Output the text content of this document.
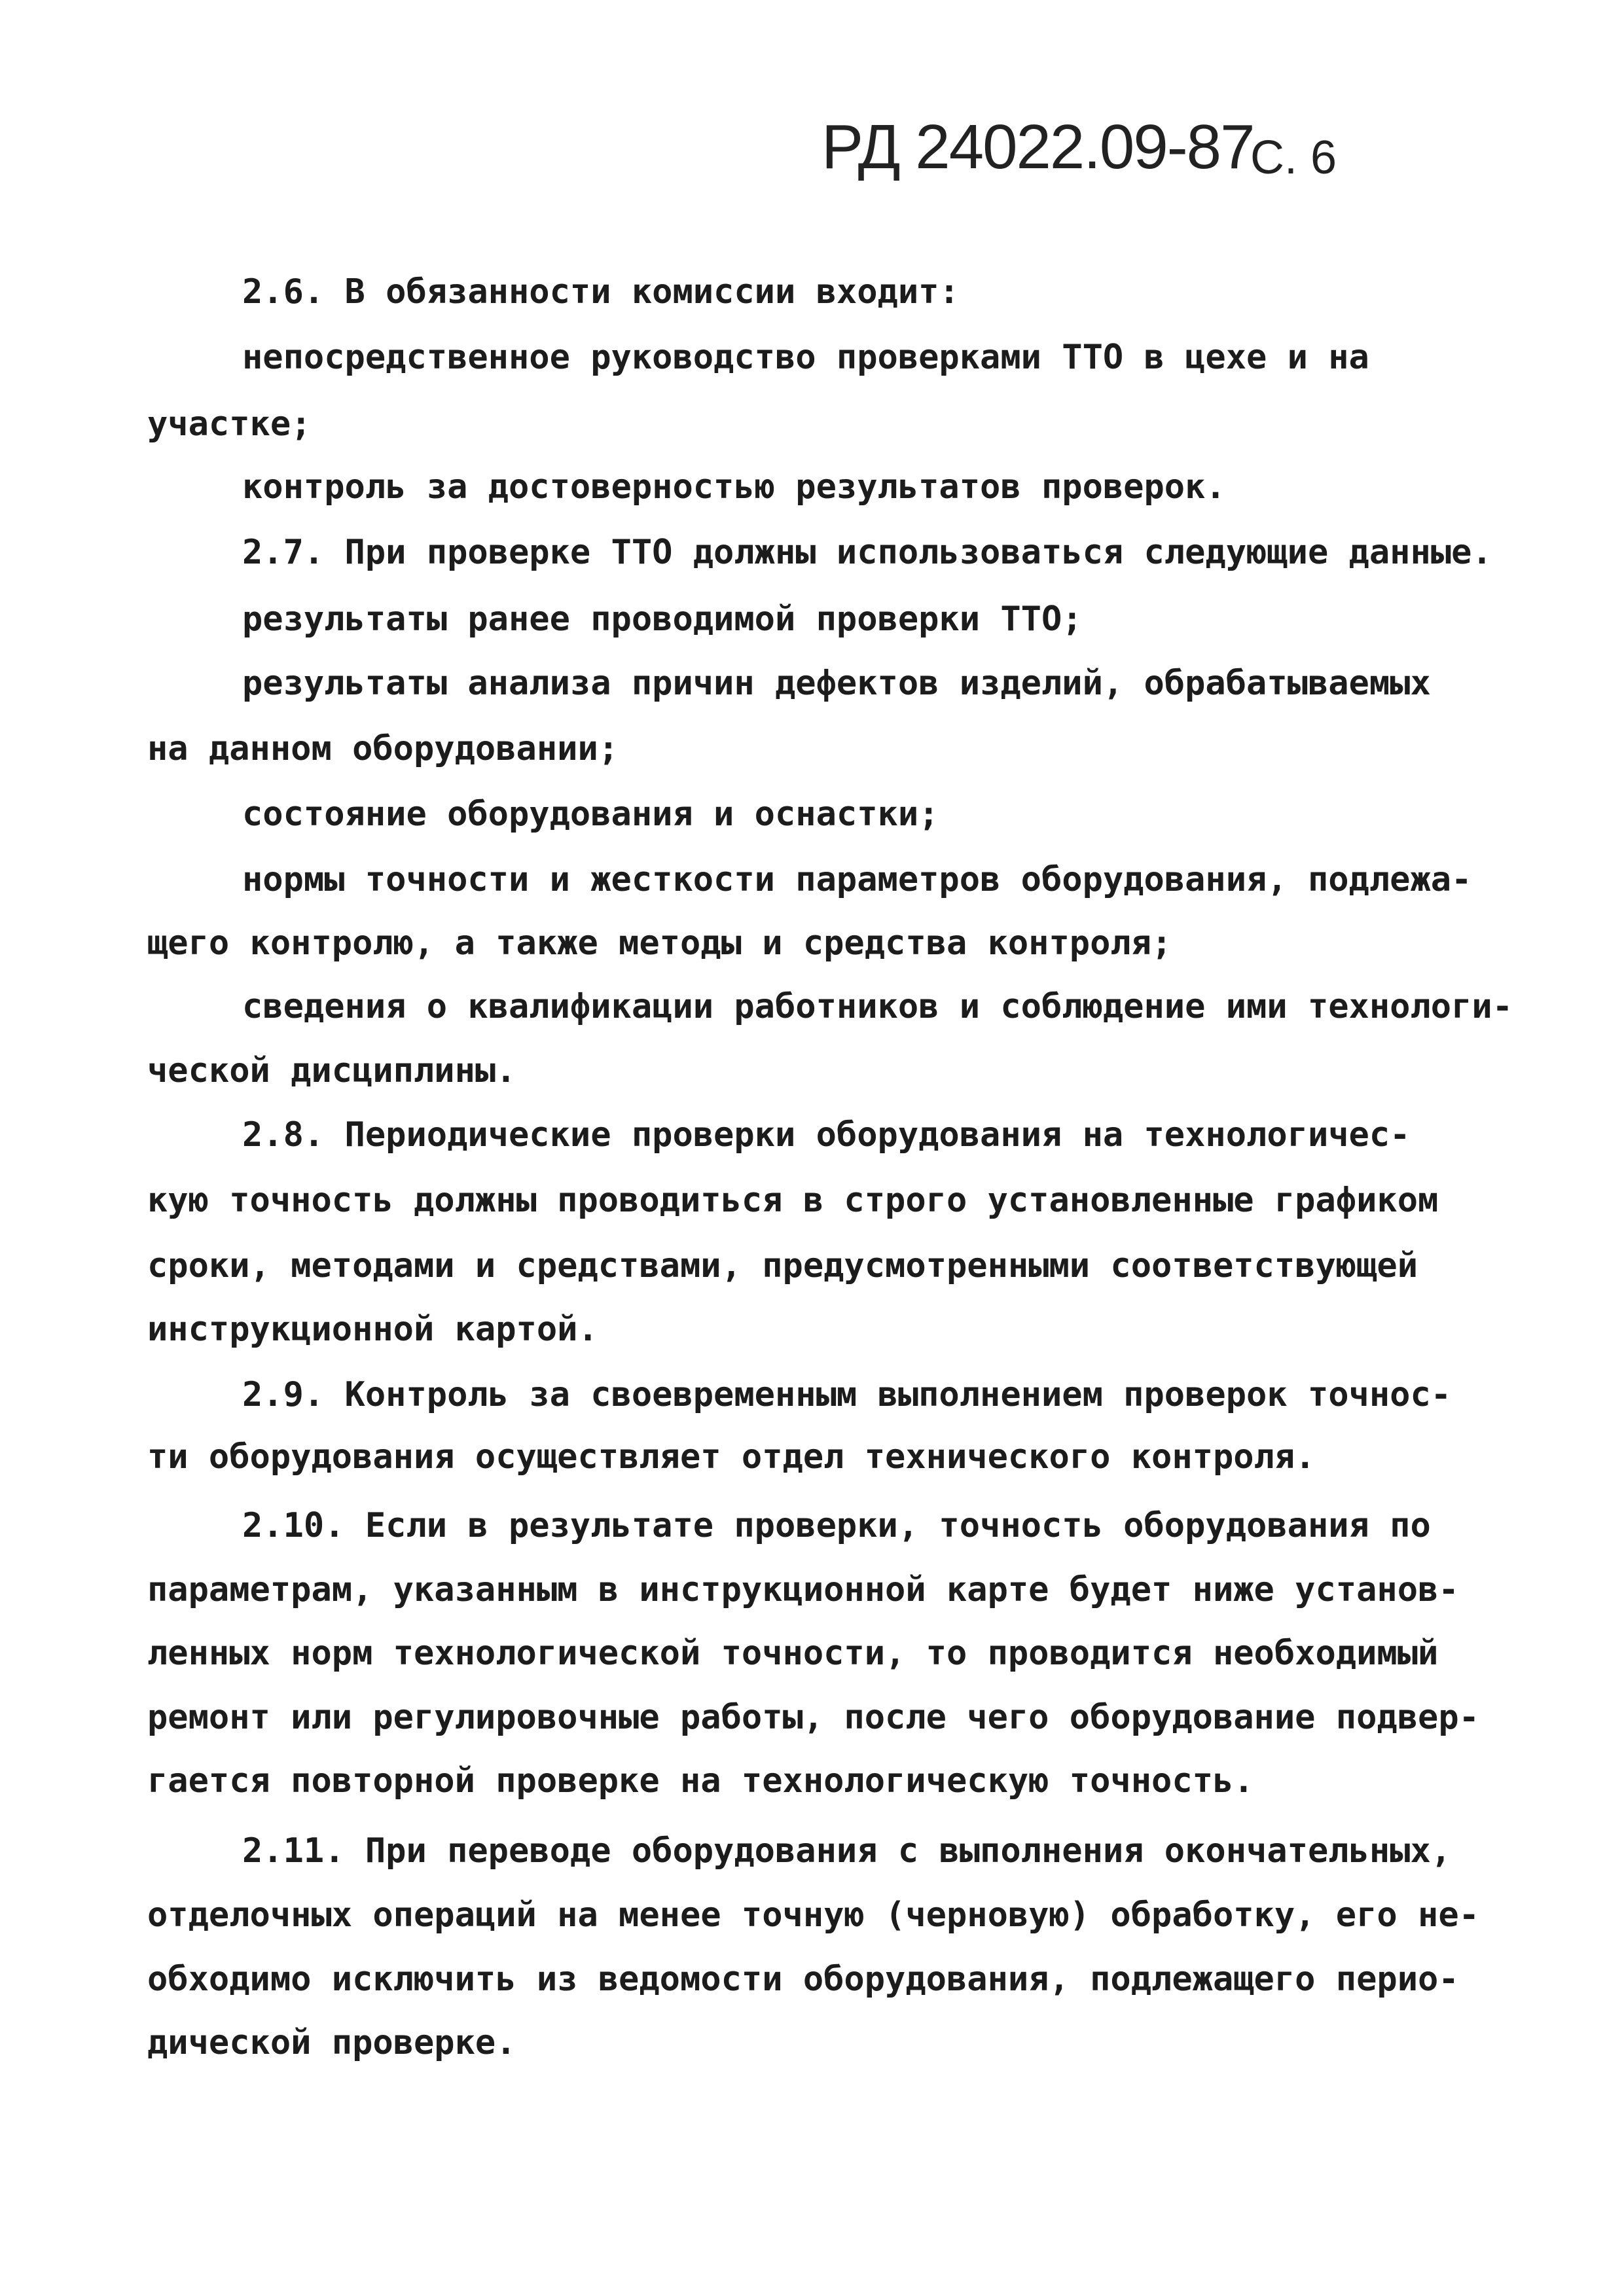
РД 24022.09-87
С. 6
2.6. В обязанности комиссии входит:
непосредственное руководство проверками ТТО в цехе и на
участке;
контроль за достоверностью результатов проверок.
2.7. При проверке ТТО должны использоваться следующие данные.
результаты ранее проводимой проверки ТТО;
результаты анализа причин дефектов изделий, обрабатываемых
на данном оборудовании;
состояние оборудования и оснастки;
нормы точности и жесткости параметров оборудования, подлежа-
щего контролю, а также методы и средства контроля;
сведения о квалификации работников и соблюдение ими технологи-
ческой дисциплины.
2.8. Периодические проверки оборудования на технологичес-
кую точность должны проводиться в строго установленные графиком
сроки, методами и средствами, предусмотренными соответствующей
инструкционной картой.
2.9. Контроль за своевременным выполнением проверок точнос-
ти оборудования осуществляет отдел технического контроля.
2.10. Если в результате проверки, точность оборудования по
параметрам, указанным в инструкционной карте будет ниже установ-
ленных норм технологической точности, то проводится необходимый
ремонт или регулировочные работы, после чего оборудование подвер-
гается повторной проверке на технологическую точность.
2.11. При переводе оборудования с выполнения окончательных,
отделочных операций на менее точную (черновую) обработку, его не-
обходимо исключить из ведомости оборудования, подлежащего перио-
дической проверке.
